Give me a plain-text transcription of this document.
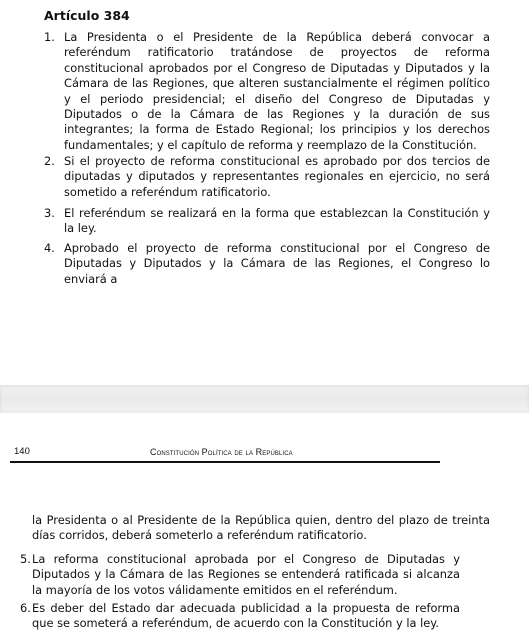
Artículo 384
1. La Presidenta o el Presidente de la República deberá convocar a referéndum ratificatorio tratándose de proyectos de reforma constitucional aprobados por el Congreso de Diputadas y Diputados y la Cámara de las Regiones, que alteren sustancialmente el régimen político y el periodo presidencial; el diseño del Congreso de Diputadas y Diputados o de la Cámara de las Regiones y la duración de sus integrantes; la forma de Estado Regional; los principios y los derechos fundamentales; y el capítulo de reforma y reemplazo de la Constitución.

2. Si el proyecto de reforma constitucional es aprobado por dos tercios de diputadas y diputados y representantes regionales en ejercicio, no será sometido a referéndum ratificatorio.

3. El referéndum se realizará en la forma que establezcan la Constitución y la ley.

4. Aprobado el proyecto de reforma constitucional por el Congreso de Diputadas y Diputados y la Cámara de las Regiones, el Congreso lo enviará a

140	Constitución Política de la República

la Presidenta o al Presidente de la República quien, dentro del plazo de treinta días corridos, deberá someterlo a referéndum ratificatorio.

5. La reforma constitucional aprobada por el Congreso de Diputadas y Diputados y la Cámara de las Regiones se entenderá ratificada si alcanza la mayoría de los votos válidamente emitidos en el referéndum.

6. Es deber del Estado dar adecuada publicidad a la propuesta de reforma que se someterá a referéndum, de acuerdo con la Constitución y la ley.
